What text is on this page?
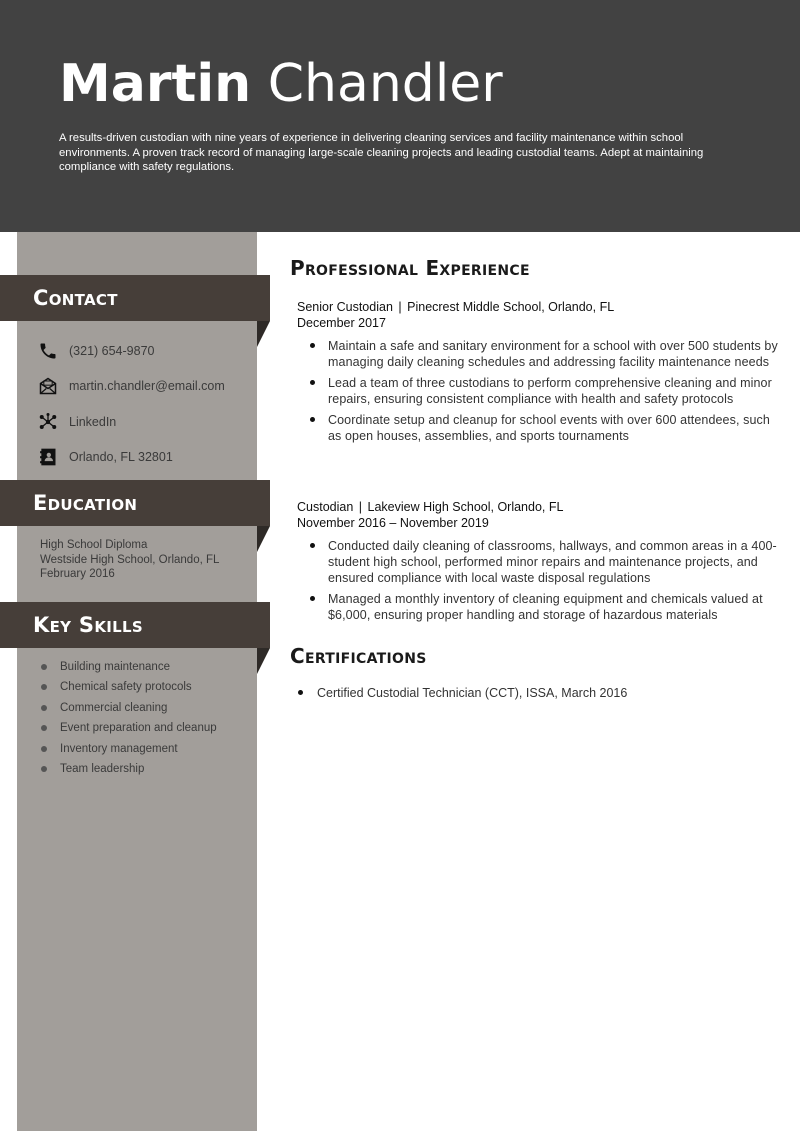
Martin Chandler

A results-driven custodian with nine years of experience in delivering cleaning services and facility maintenance within school environments. A proven track record of managing large-scale cleaning projects and leading custodial teams. Adept at maintaining compliance with safety regulations.

Contact
(321) 654-9870
martin.chandler@email.com
LinkedIn
Orlando, FL 32801
Education
High School Diploma
Westside High School, Orlando, FL
February 2016
Key Skills
Building maintenance
Chemical safety protocols
Commercial cleaning
Event preparation and cleanup
Inventory management
Team leadership
Professional Experience
Senior Custodian | Pinecrest Middle School, Orlando, FL
December 2017
Maintain a safe and sanitary environment for a school with over 500 students by managing daily cleaning schedules and addressing facility maintenance needs
Lead a team of three custodians to perform comprehensive cleaning and minor repairs, ensuring consistent compliance with health and safety protocols
Coordinate setup and cleanup for school events with over 600 attendees, such as open houses, assemblies, and sports tournaments
Custodian | Lakeview High School, Orlando, FL
November 2016 – November 2019
Conducted daily cleaning of classrooms, hallways, and common areas in a 400-student high school, performed minor repairs and maintenance projects, and ensured compliance with local waste disposal regulations
Managed a monthly inventory of cleaning equipment and chemicals valued at $6,000, ensuring proper handling and storage of hazardous materials
Certifications
Certified Custodial Technician (CCT), ISSA, March 2016
